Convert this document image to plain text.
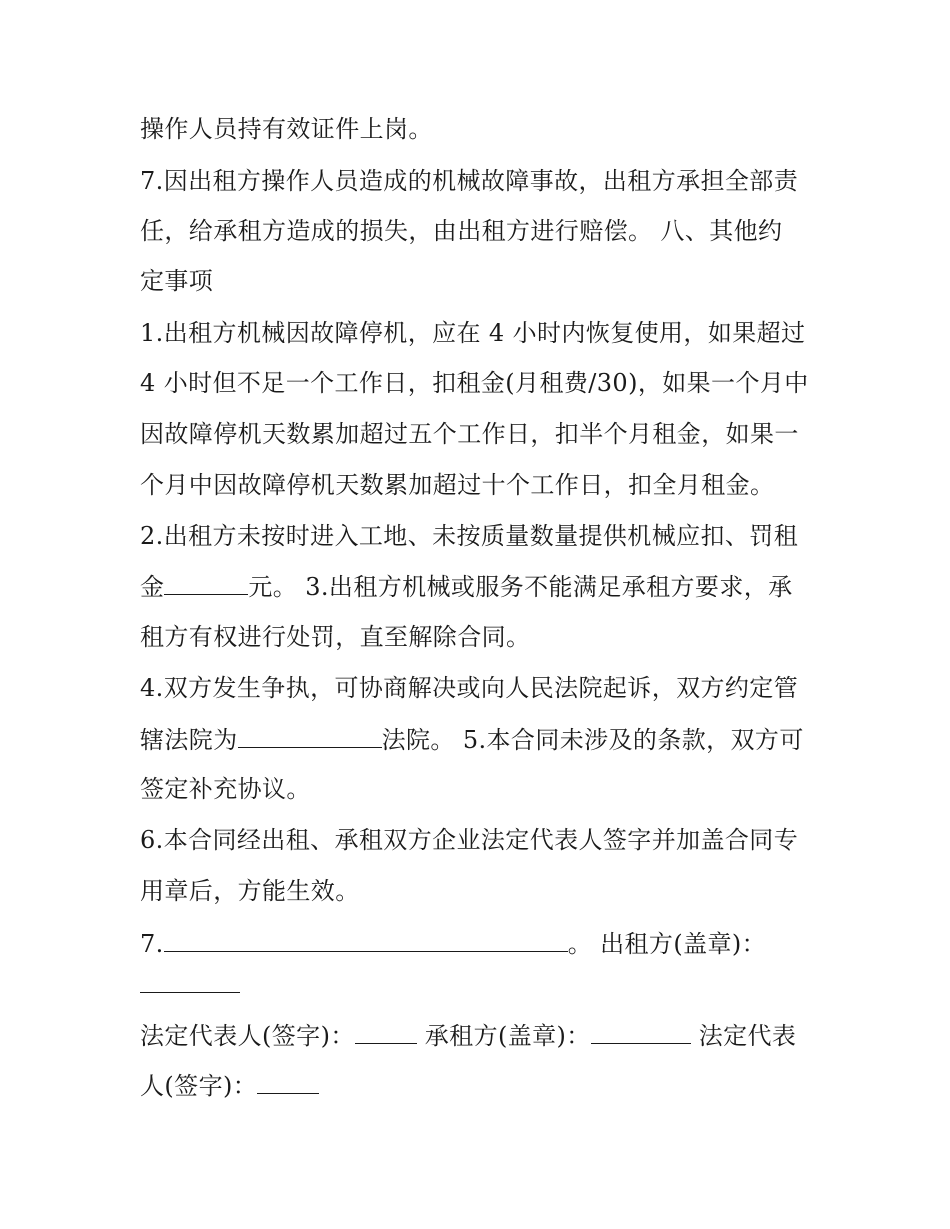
操作人员持有效证件上岗。
7.因出租方操作人员造成的机械故障事故，出租方承担全部责
任，给承租方造成的损失，由出租方进行赔偿。 八、其他约
定事项
1.出租方机械因故障停机，应在 4 小时内恢复使用，如果超过
4 小时但不足一个工作日，扣租金(月租费/30)，如果一个月中
因故障停机天数累加超过五个工作日，扣半个月租金，如果一
个月中因故障停机天数累加超过十个工作日，扣全月租金。
2.出租方未按时进入工地、未按质量数量提供机械应扣、罚租
金	元。 3.出租方机械或服务不能满足承租方要求，承
租方有权进行处罚，直至解除合同。
4.双方发生争执，可协商解决或向人民法院起诉，双方约定管
辖法院为	法院。 5.本合同未涉及的条款，双方可
签定补充协议。
6.本合同经出租、承租双方企业法定代表人签字并加盖合同专
用章后，方能生效。
7.	。 出租方(盖章)：
法定代表人(签字)：	承租方(盖章)：	法定代表
人(签字)：
